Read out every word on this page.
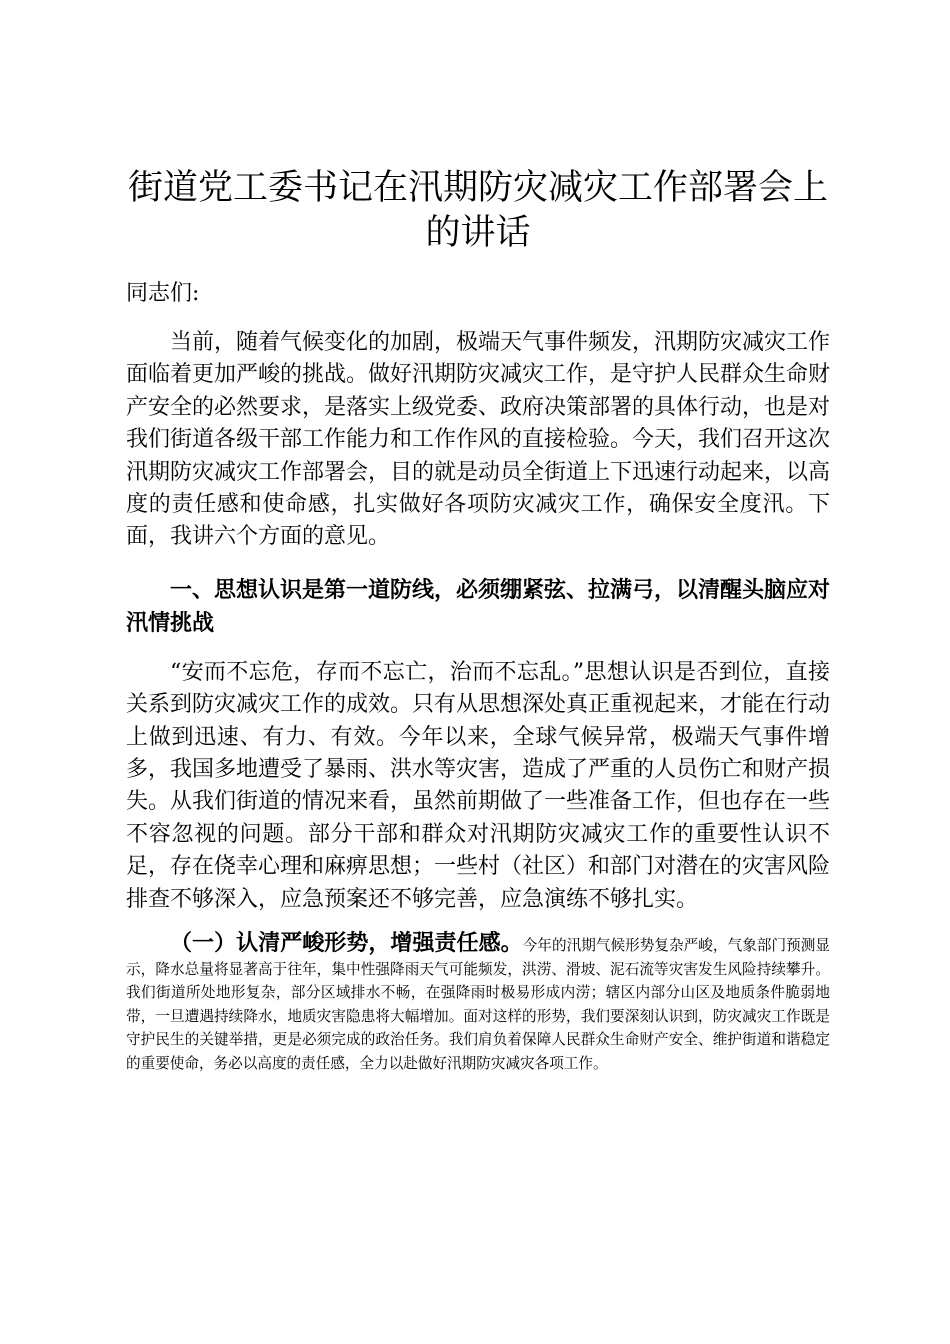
街道党工委书记在汛期防灾减灾工作部署会上的讲话

同志们:

当前，随着气候变化的加剧，极端天气事件频发，汛期防灾减灾工作面临着更加严峻的挑战。做好汛期防灾减灾工作，是守护人民群众生命财产安全的必然要求，是落实上级党委、政府决策部署的具体行动，也是对我们街道各级干部工作能力和工作作风的直接检验。今天，我们召开这次汛期防灾减灾工作部署会，目的就是动员全街道上下迅速行动起来，以高度的责任感和使命感，扎实做好各项防灾减灾工作，确保安全度汛。下面，我讲六个方面的意见。

一、思想认识是第一道防线，必须绷紧弦、拉满弓，以清醒头脑应对汛情挑战

“安而不忘危，存而不忘亡，治而不忘乱。”思想认识是否到位，直接关系到防灾减灾工作的成效。只有从思想深处真正重视起来，才能在行动上做到迅速、有力、有效。今年以来，全球气候异常，极端天气事件增多，我国多地遭受了暴雨、洪水等灾害，造成了严重的人员伤亡和财产损失。从我们街道的情况来看，虽然前期做了一些准备工作，但也存在一些不容忽视的问题。部分干部和群众对汛期防灾减灾工作的重要性认识不足，存在侥幸心理和麻痹思想；一些村（社区）和部门对潜在的灾害风险排查不够深入，应急预案还不够完善，应急演练不够扎实。

（一）认清严峻形势，增强责任感。今年的汛期气候形势复杂严峻，气象部门预测显示，降水总量将显著高于往年，集中性强降雨天气可能频发，洪涝、滑坡、泥石流等灾害发生风险持续攀升。我们街道所处地形复杂，部分区域排水不畅，在强降雨时极易形成内涝；辖区内部分山区及地质条件脆弱地带，一旦遭遇持续降水，地质灾害隐患将大幅增加。面对这样的形势，我们要深刻认识到，防灾减灾工作既是守护民生的关键举措，更是必须完成的政治任务。我们肩负着保障人民群众生命财产安全、维护街道和谐稳定的重要使命，务必以高度的责任感，全力以赴做好汛期防灾减灾各项工作。
